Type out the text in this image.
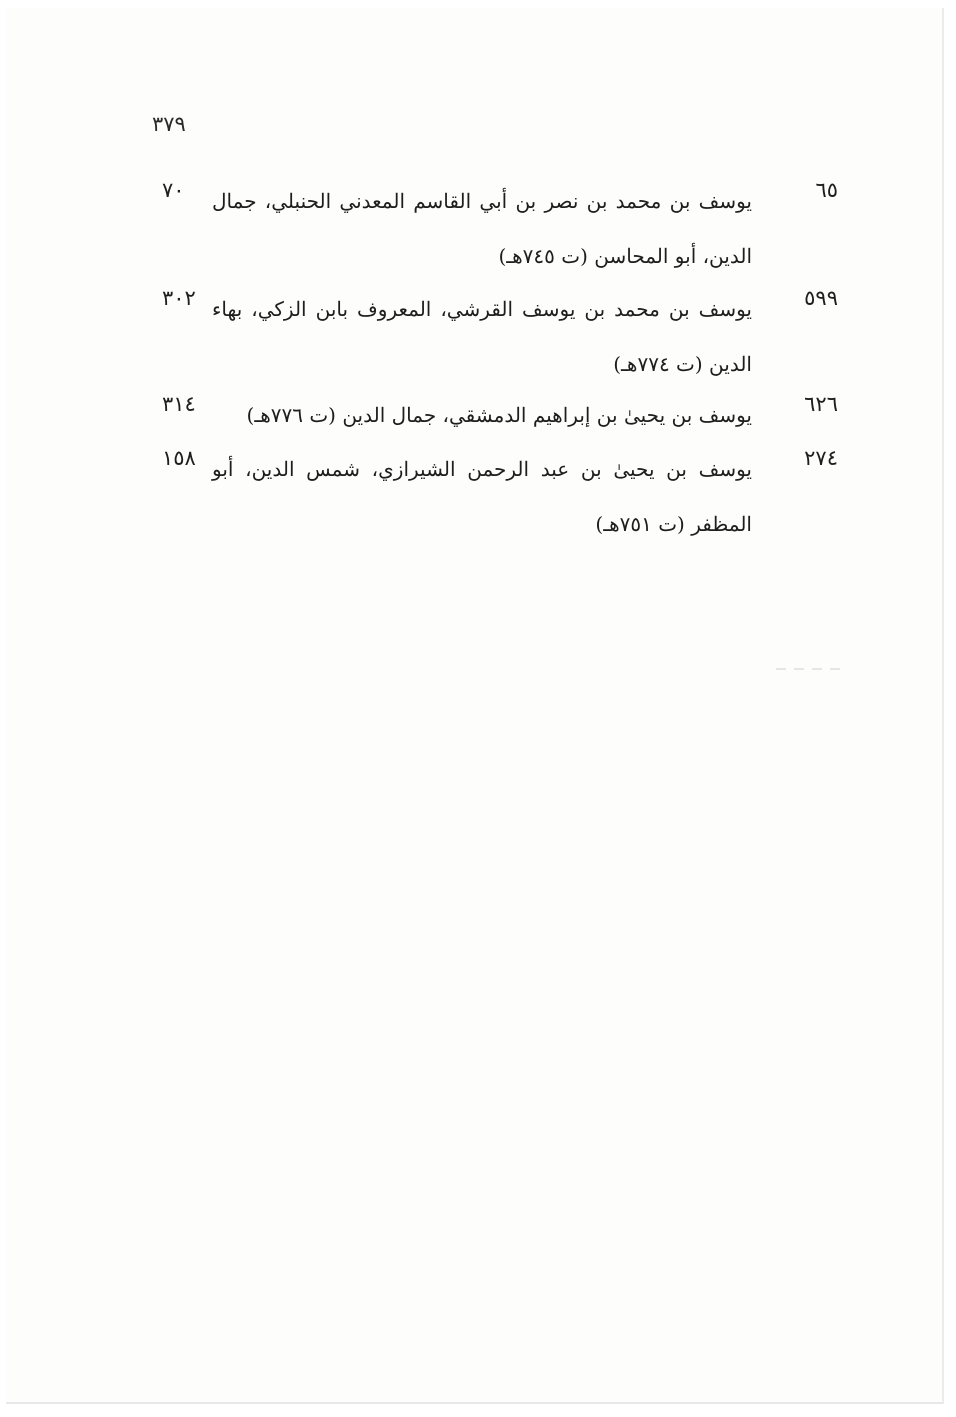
٣٧٩
٦٥
يوسف بن محمد بن نصر بن أبي القاسم المعدني الحنبلي، جمال الدين، أبو المحاسن (ت ٧٤٥هـ)
٧٠
٥٩٩
يوسف بن محمد بن يوسف القرشي، المعروف بابن الزكي، بهاء الدين (ت ٧٧٤هـ)
٣٠٢
٦٢٦
يوسف بن يحيىٰ بن إبراهيم الدمشقي، جمال الدين (ت ٧٧٦هـ)
٣١٤
٢٧٤
يوسف بن يحيىٰ بن عبد الرحمن الشيرازي، شمس الدين، أبو المظفر (ت ٧٥١هـ)
١٥٨
